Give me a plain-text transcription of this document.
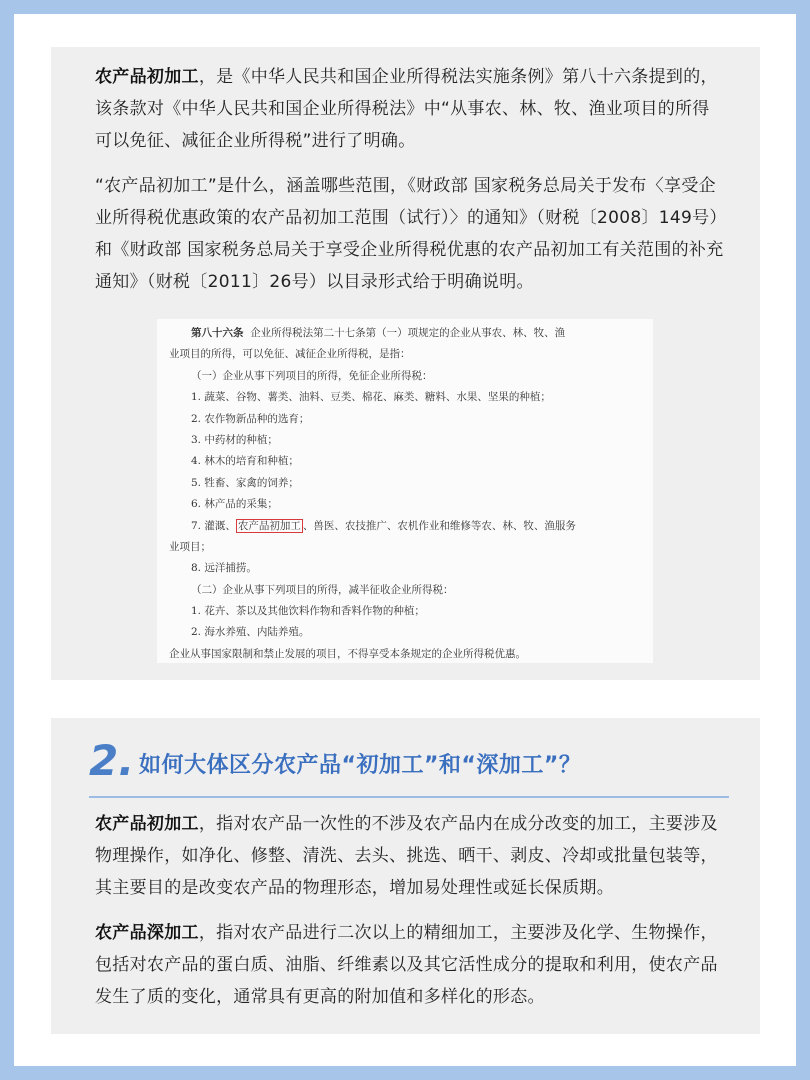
农产品初加工，是《中华人民共和国企业所得税法实施条例》第八十六条提到的，该条款对《中华人民共和国企业所得税法》中“从事农、林、牧、渔业项目的所得可以免征、减征企业所得税”进行了明确。
“农产品初加工”是什么，涵盖哪些范围，《财政部 国家税务总局关于发布〈享受企业所得税优惠政策的农产品初加工范围（试行）〉的通知》（财税〔2008〕149号）和《财政部 国家税务总局关于享受企业所得税优惠的农产品初加工有关范围的补充通知》（财税〔2011〕26号）以目录形式给于明确说明。
第八十六条 企业所得税法第二十七条第（一）项规定的企业从事农、林、牧、渔
业项目的所得，可以免征、减征企业所得税，是指：
（一）企业从事下列项目的所得，免征企业所得税：
1. 蔬菜、谷物、薯类、油料、豆类、棉花、麻类、糖料、水果、坚果的种植；
2. 农作物新品种的选育；
3. 中药材的种植；
4. 林木的培育和种植；
5. 牲畜、家禽的饲养；
6. 林产品的采集；
7. 灌溉、 农产品初加工 、兽医、农技推广、农机作业和维修等农、林、牧、渔服务
业项目；
8. 远洋捕捞。
（二）企业从事下列项目的所得，减半征收企业所得税：
1. 花卉、茶以及其他饮料作物和香料作物的种植；
2. 海水养殖、内陆养殖。
企业从事国家限制和禁止发展的项目，不得享受本条规定的企业所得税优惠。
2. 如何大体区分农产品“初加工”和“深加工”？
农产品初加工，指对农产品一次性的不涉及农产品内在成分改变的加工，主要涉及物理操作，如净化、修整、清洗、去头、挑选、晒干、剥皮、冷却或批量包装等，其主要目的是改变农产品的物理形态，增加易处理性或延长保质期。
农产品深加工，指对农产品进行二次以上的精细加工，主要涉及化学、生物操作，包括对农产品的蛋白质、油脂、纤维素以及其它活性成分的提取和利用，使农产品发生了质的变化，通常具有更高的附加值和多样化的形态。
